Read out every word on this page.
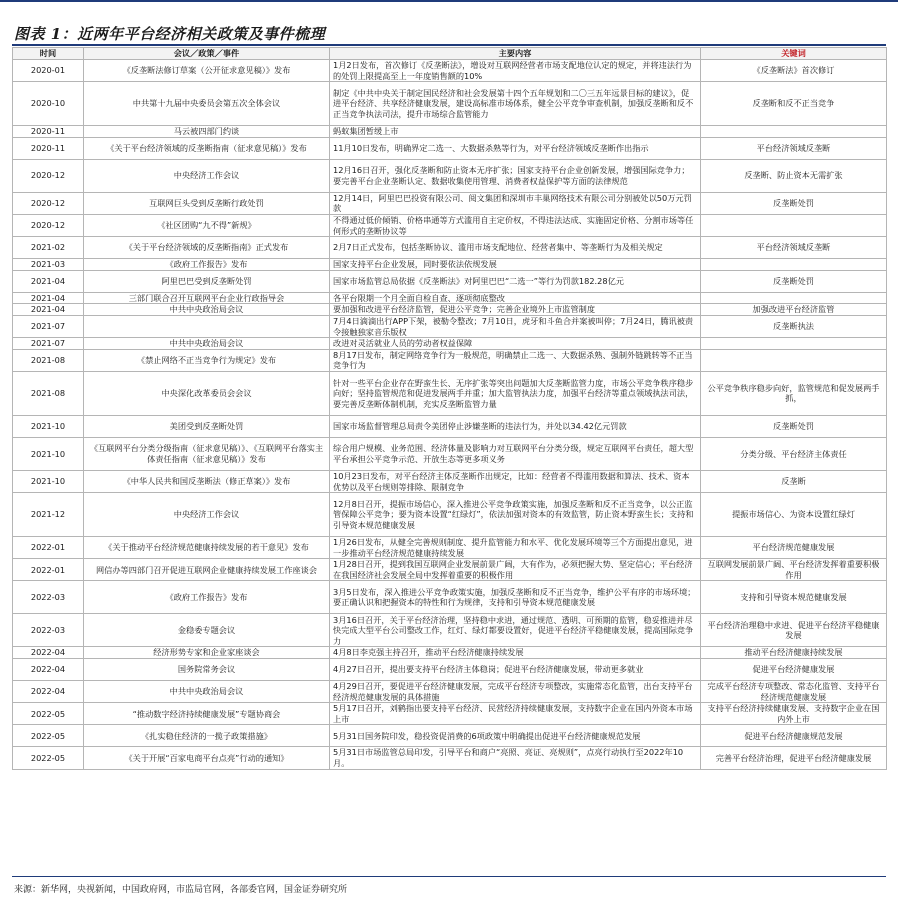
图表 1：近两年平台经济相关政策及事件梳理
时间	会议／政策／事件	主要内容	关键词
2020-01	《反垄断法修订草案（公开征求意见稿）》发布	1月2日发布，首次修订《反垄断法》，增设对互联网经营者市场支配地位认定的规定，并将违法行为的处罚上限提高至上一年度销售额的10%	《反垄断法》首次修订
2020-10	中共第十九届中央委员会第五次全体会议	制定《中共中央关于制定国民经济和社会发展第十四个五年规划和二〇三五年远景目标的建议》，促进平台经济、共享经济健康发展，建设高标准市场体系，健全公平竞争审查机制，加强反垄断和反不正当竞争执法司法，提升市场综合监管能力	反垄断和反不正当竞争
2020-11	马云被四部门约谈	蚂蚁集团暂缓上市	
2020-11	《关于平台经济领域的反垄断指南（征求意见稿）》发布	11月10日发布，明确界定二选一、大数据杀熟等行为，对平台经济领域反垄断作出指示	平台经济领域反垄断
2020-12	中央经济工作会议	12月16日召开，强化反垄断和防止资本无序扩张；国家支持平台企业创新发展，增强国际竞争力；要完善平台企业垄断认定、数据收集使用管理、消费者权益保护等方面的法律规范	反垄断、防止资本无需扩张
2020-12	互联网巨头受到反垄断行政处罚	12月14日，阿里巴巴投资有限公司、阅文集团和深圳市丰巢网络技术有限公司分别被处以50万元罚款	反垄断处罚
2020-12	《社区团购“九不得”新规》	不得通过低价倾销、价格串通等方式滥用自主定价权，不得违法达成、实施固定价格、分割市场等任何形式的垄断协议等	
2021-02	《关于平台经济领域的反垄断指南》正式发布	2月7日正式发布，包括垄断协议、滥用市场支配地位、经营者集中、等垄断行为及相关规定	平台经济领域反垄断
2021-03	《政府工作报告》发布	国家支持平台企业发展，同时要依法依规发展	
2021-04	阿里巴巴受到反垄断处罚	国家市场监管总局依据《反垄断法》对阿里巴巴“二选一”等行为罚款182.28亿元	反垄断处罚
2021-04	三部门联合召开互联网平台企业行政指导会	各平台限期一个月全面自检自查、逐项彻底整改	
2021-04	中共中央政治局会议	要加强和改进平台经济监管，促进公平竞争；完善企业境外上市监管制度	加强改进平台经济监管
2021-07		7月4日滴滴出行APP下架，被勒令整改；7月10日，虎牙和斗鱼合并案被叫停；7月24日，腾讯被责令接触独家音乐版权	反垄断执法
2021-07	中共中央政治局会议	改进对灵活就业人员的劳动者权益保障	
2021-08	《禁止网络不正当竞争行为规定》发布	8月17日发布，制定网络竞争行为一般规范，明确禁止二选一、大数据杀熟、强制外链跳转等不正当竞争行为	
2021-08	中央深化改革委员会会议	针对一些平台企业存在野蛮生长、无序扩张等突出问题加大反垄断监管力度，市场公平竞争秩序稳步向好；坚持监管规范和促进发展两手并重；加大监管执法力度，加强平台经济等重点领域执法司法，要完善反垄断体制机制，充实反垄断监管力量	公平竞争秩序稳步向好，监管规范和促发展两手抓，
2021-10	美团受到反垄断处罚	国家市场监督管理总局责令美团停止涉嫌垄断的违法行为，并处以34.42亿元罚款	反垄断处罚
2021-10	《互联网平台分类分级指南（征求意见稿）》、《互联网平台落实主体责任指南（征求意见稿）》发布	综合用户规模、业务范围、经济体量及影响力对互联网平台分类分级，规定互联网平台责任，超大型平台承担公平竞争示范、开放生态等更多项义务	分类分级、平台经济主体责任
2021-10	《中华人民共和国反垄断法（修正草案）》发布	10月23日发布，对平台经济主体反垄断作出规定，比如：经营者不得滥用数据和算法、技术、资本优势以及平台规则等排除、限制竞争	反垄断
2021-12	中央经济工作会议	12月8日召开，提振市场信心，深入推进公平竞争政策实施，加强反垄断和反不正当竞争，以公正监管保障公平竞争；要为资本设置“红绿灯”，依法加强对资本的有效监管，防止资本野蛮生长；支持和引导资本规范健康发展	提振市场信心、为资本设置红绿灯
2022-01	《关于推动平台经济规范健康持续发展的若干意见》发布	1月26日发布，从健全完善规则制度、提升监管能力和水平、优化发展环境等三个方面提出意见，进一步推动平台经济规范健康持续发展	平台经济规范健康发展
2022-01	网信办等四部门召开促进互联网企业健康持续发展工作座谈会	1月28日召开，提到我国互联网企业发展前景广阔，大有作为，必须把握大势、坚定信心；平台经济在我国经济社会发展全局中发挥着重要的积极作用	互联网发展前景广阔、平台经济发挥着重要积极作用
2022-03	《政府工作报告》发布	3月5日发布，深入推进公平竞争政策实施，加强反垄断和反不正当竞争，维护公平有序的市场环境；要正确认识和把握资本的特性和行为规律，支持和引导资本规范健康发展	支持和引导资本规范健康发展
2022-03	金稳委专题会议	3月16日召开，关于平台经济治理，坚持稳中求进，通过规范、透明、可预期的监管，稳妥推进并尽快完成大型平台公司整改工作，红灯、绿灯都要设置好，促进平台经济平稳健康发展，提高国际竞争力	平台经济治理稳中求进、促进平台经济平稳健康发展
2022-04	经济形势专家和企业家座谈会	4月8日李克强主持召开，推动平台经济健康持续发展	推动平台经济健康持续发展
2022-04	国务院常务会议	4月27日召开，提出要支持平台经济主体稳岗；促进平台经济健康发展，带动更多就业	促进平台经济健康发展
2022-04	中共中央政治局会议	4月29日召开，要促进平台经济健康发展，完成平台经济专项整改，实施常态化监管，出台支持平台经济规范健康发展的具体措施	完成平台经济专项整改、常态化监管、支持平台经济规范健康发展
2022-05	“推动数字经济持续健康发展”专题协商会	5月17日召开，刘鹤指出要支持平台经济、民营经济持续健康发展，支持数字企业在国内外资本市场上市	支持平台经济持续健康发展、支持数字企业在国内外上市
2022-05	《扎实稳住经济的一揽子政策措施》	5月31日国务院印发，稳投资促消费的6项政策中明确提出促进平台经济健康规范发展	促进平台经济健康规范发展
2022-05	《关于开展“百家电商平台点亮”行动的通知》	5月31日市场监管总局印发，引导平台和商户“亮照、亮证、亮规则”，点亮行动执行至2022年10月。	完善平台经济治理，促进平台经济健康发展
来源：新华网，央视新闻，中国政府网，市监局官网，各部委官网，国金证券研究所
